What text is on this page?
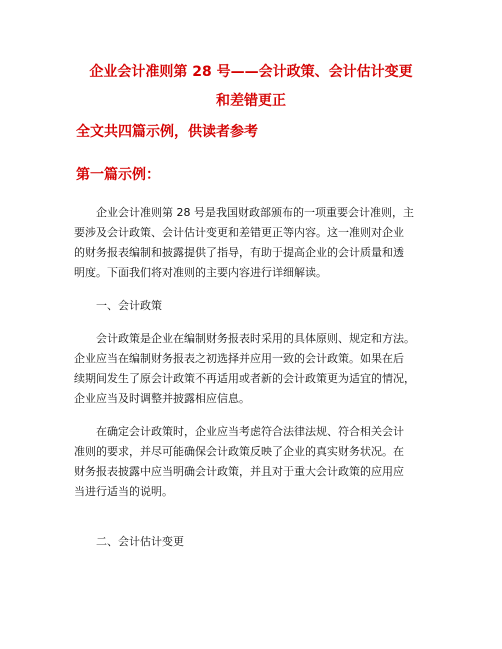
企业会计准则第 28 号——会计政策、会计估计变更
和差错更正
全文共四篇示例，供读者参考
第一篇示例：
企业会计准则第 28 号是我国财政部颁布的一项重要会计准则，主
要涉及会计政策、会计估计变更和差错更正等内容。这一准则对企业
的财务报表编制和披露提供了指导，有助于提高企业的会计质量和透
明度。下面我们将对准则的主要内容进行详细解读。
一、会计政策
会计政策是企业在编制财务报表时采用的具体原则、规定和方法。
企业应当在编制财务报表之初选择并应用一致的会计政策。如果在后
续期间发生了原会计政策不再适用或者新的会计政策更为适宜的情况，
企业应当及时调整并披露相应信息。
在确定会计政策时，企业应当考虑符合法律法规、符合相关会计
准则的要求，并尽可能确保会计政策反映了企业的真实财务状况。在
财务报表披露中应当明确会计政策，并且对于重大会计政策的应用应
当进行适当的说明。
二、会计估计变更
